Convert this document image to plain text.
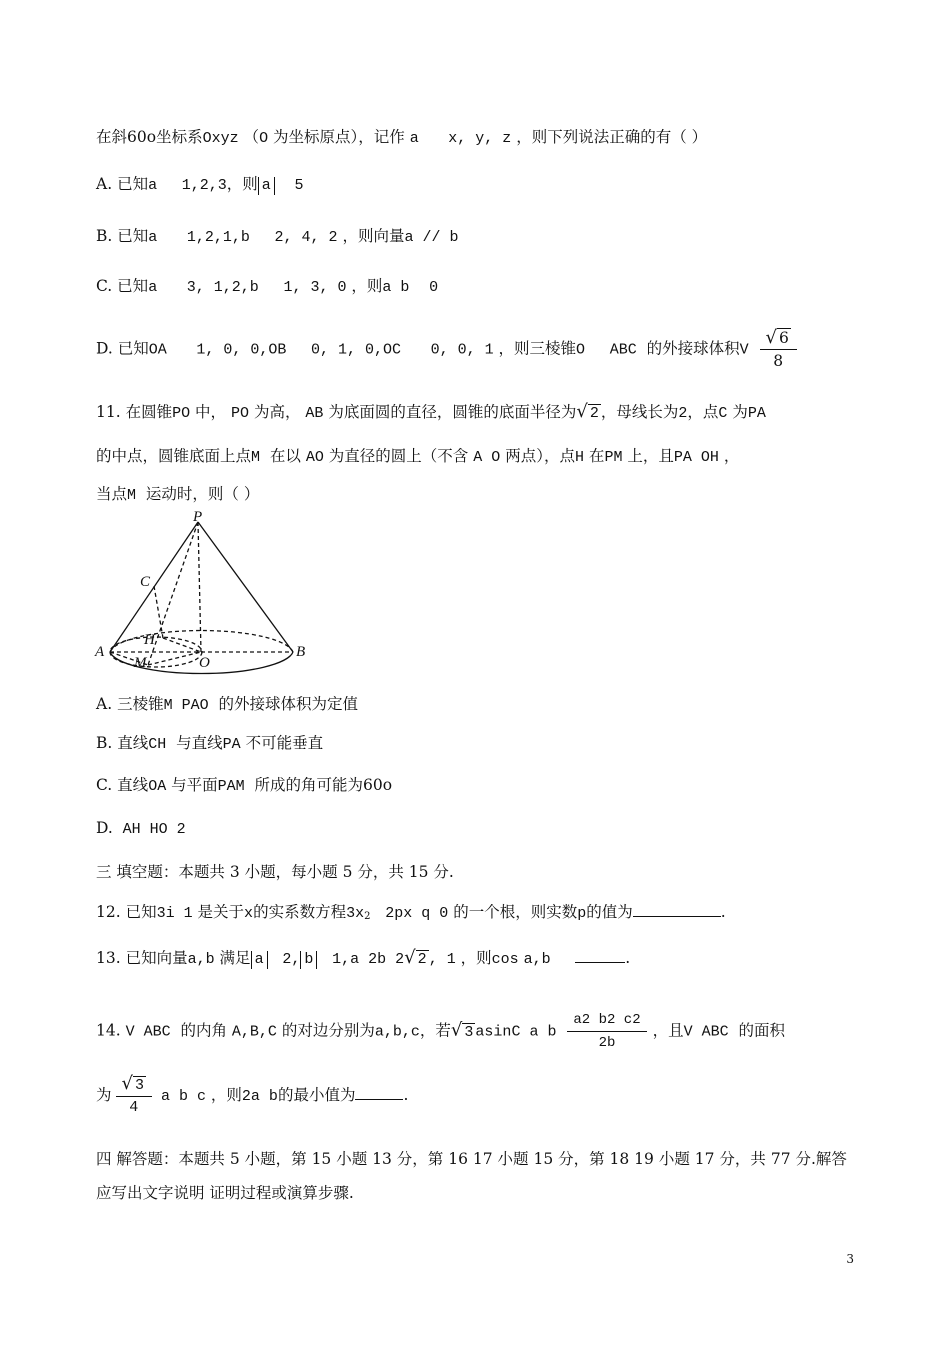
在斜60o坐标系Oxyz （O 为坐标原点），记作 a x, y, z ，则下列说法正确的有（ ）
A. 已知a 1,2,3，则 a 5
B. 已知a 1,2,1,b 2, 4, 2 ，则向量a // b
C. 已知a 3, 1,2,b 1, 3, 0 ，则a b 0
D. 已知OA 1, 0, 0,OB 0, 1, 0,OC 0, 0, 1 ，则三棱锥O ABC 的外接球体积V $\frac{√ 6}{8}$
11. 在圆锥PO 中， PO 为高， AB 为底面圆的直径，圆锥的底面半径为√ 2 ，母线长为2，点C 为PA
的中点，圆锥底面上点M 在以 AO 为直径的圆上（不含 A O 两点），点H 在PM 上，且PA OH ，
当点M 运动时，则（ ）
P
C
H
A
M	O
B
A. 三棱锥M PAO 的外接球体积为定值
B. 直线CH 与直线PA 不可能垂直
C. 直线OA 与平面PAM 所成的角可能为60o
D. AH HO 2
三 填空题：本题共 3 小题，每小题 5 分，共 15 分.
12. 已知3i 1 是关于x的实系数方程$3x_2$ 2px q 0 的一个根，则实数p的值为	.
13. 已知向量a,b 满足 a 2, b 1,a 2b 2√ 2 , 1 ，则cos a,b	.
14. V ABC 的内角 A,B,C 的对边分别为a,b,c，若√ 3 asinC a b $\frac{a2 b2 c2}{2b}$ ，且V ABC 的面积
为 $\frac{√ 3}{4}$ a b c ，则2a b的最小值为	.
四 解答题：本题共 5 小题，第 15 小题 13 分，第 16 17 小题 15 分，第 18 19 小题 17 分，共 77 分.解答
应写出文字说明 证明过程或演算步骤.
3
